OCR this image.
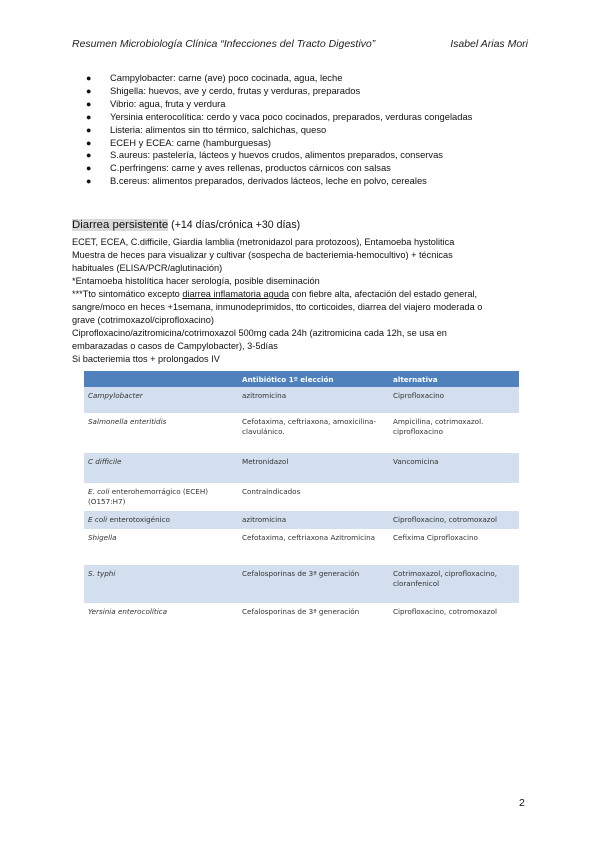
Resumen Microbiología Clínica “Infecciones del Tracto Digestivo”	Isabel Arias Mori
● Campylobacter: carne (ave) poco cocinada, agua, leche
● Shigella: huevos, ave y cerdo, frutas y verduras, preparados
● Vibrio: agua, fruta y verdura
● Yersinia enterocolítica: cerdo y vaca poco cocinados, preparados, verduras congeladas
● Listeria: alimentos sin tto térmico, salchichas, queso
● ECEH y ECEA: carne (hamburguesas)
● S.aureus: pastelería, lácteos y huevos crudos, alimentos preparados, conservas
● C.perfringens: carne y aves rellenas, productos cárnicos con salsas
● B.cereus: alimentos preparados, derivados lácteos, leche en polvo, cereales
Diarrea persistente (+14 días/crónica +30 días)

ECET, ECEA, C.difficile, Giardia lamblia (metronidazol para protozoos), Entamoeba hystolitica

Muestra de heces para visualizar y cultivar (sospecha de bacteriemia-hemocultivo) + técnicas

habituales (ELISA/PCR/aglutinación)

*Entamoeba histolítica hacer serología, posible diseminación

***Tto sintomático excepto diarrea inflamatoria aguda con fiebre alta, afectación del estado general,

sangre/moco en heces +1semana, inmunodeprimidos, tto corticoides, diarrea del viajero moderada o

grave (cotrimoxazol/ciprofloxacino)

Ciprofloxacino/azitromicina/cotrimoxazol 500mg cada 24h (azitromicina cada 12h, se usa en

embarazadas o casos de Campylobacter), 3-5días

Si bacteriemia ttos + prolongados IV

	Antibiótico 1º elección	alternativa
Campylobacter	azitromicina	Ciprofloxacino
Salmonella enteritidis	Cefotaxima, ceftriaxona, amoxicilina-clavulánico.	Ampicilina, cotrimoxazol. ciprofloxacino
C difficile	Metronidazol	Vancomicina
E. coli enterohemorrágico (ECEH) (O157:H7)	Contraindicados	
E coli enterotoxigénico	azitromicina	Ciprofloxacino, cotromoxazol
Shigella	Cefotaxima, ceftriaxona Azitromicina	Cefixima Ciprofloxacino
S. typhi	Cefalosporinas de 3ª generación	Cotrimoxazol, ciprofloxacino, cloranfenicol
Yersinia enterocolítica	Cefalosporinas de 3ª generación	Ciprofloxacino, cotromoxazol
2
